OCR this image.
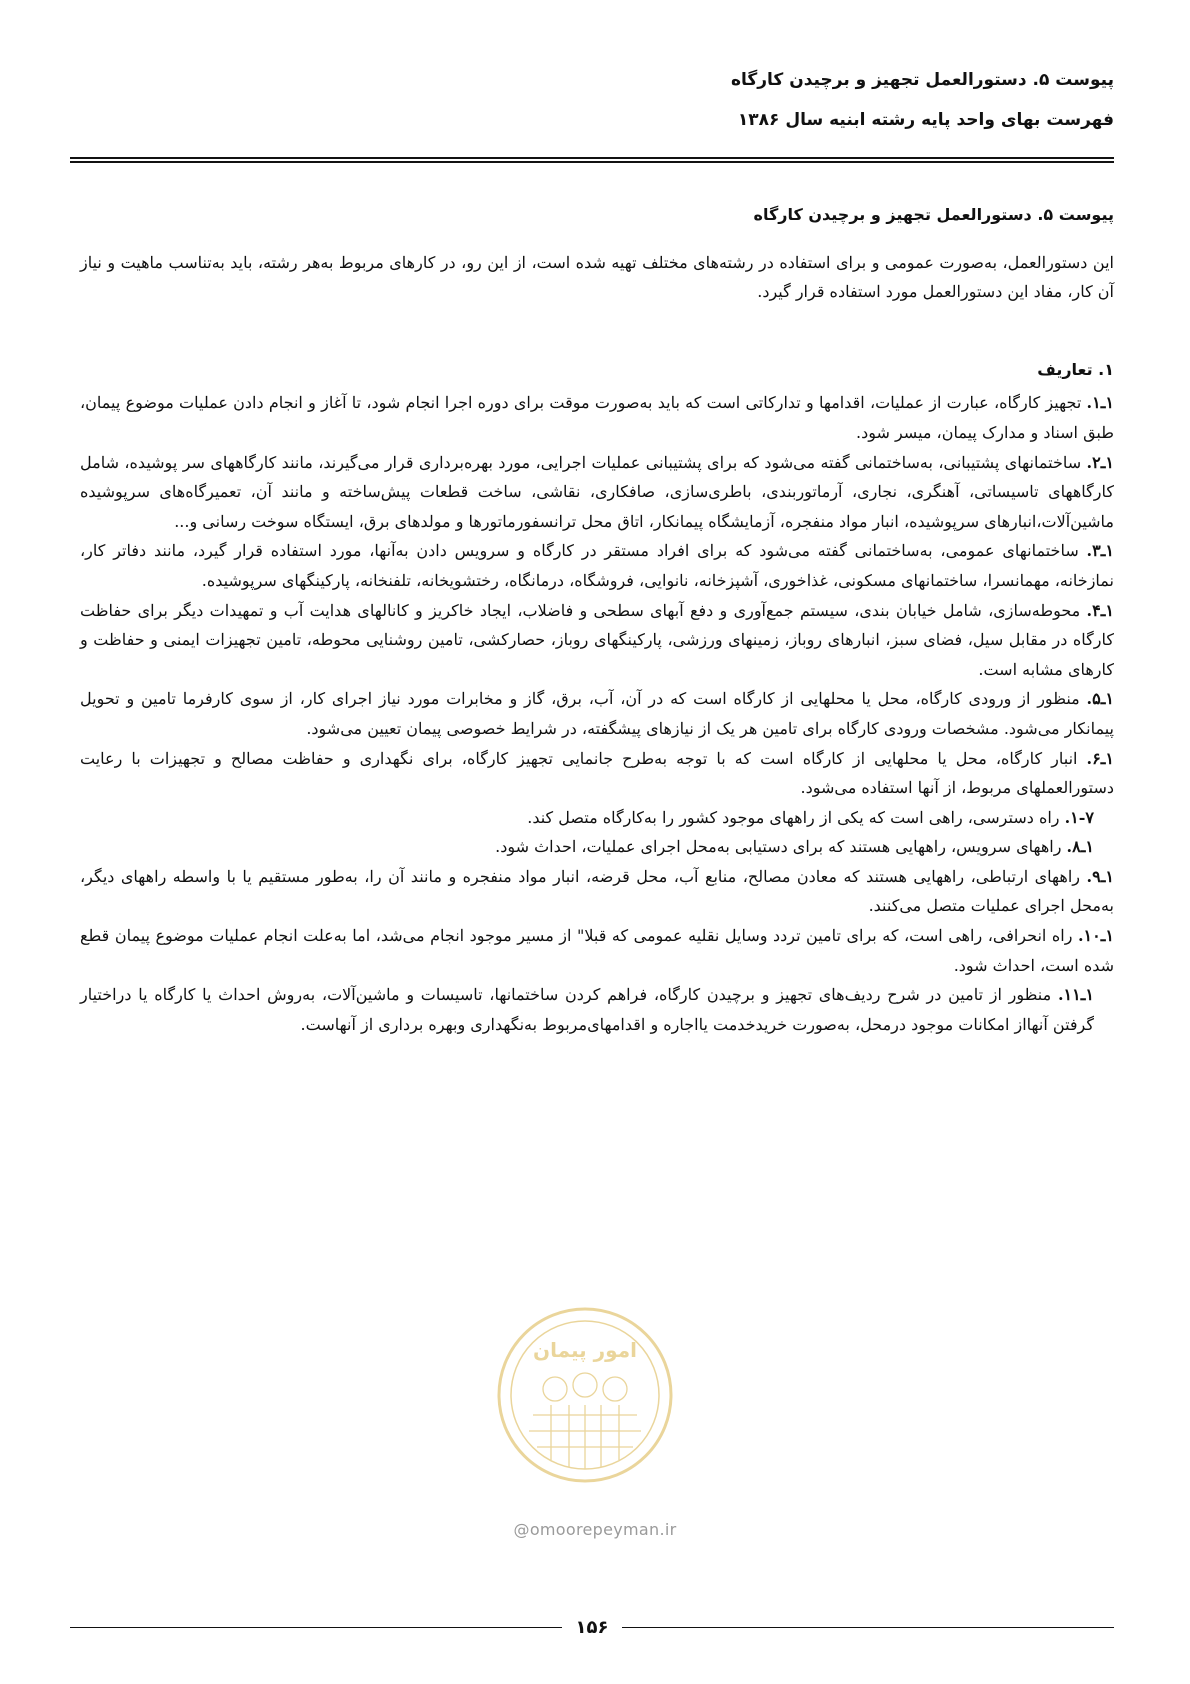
پیوست ۵. دستورالعمل تجهیز و برچیدن کارگاه

فهرست بهای واحد پایه رشته ابنیه سال ۱۳۸۶

پیوست ۵. دستورالعمل تجهیز و برچیدن کارگاه

این دستورالعمل، به‌صورت عمومی و برای استفاده در رشته‌های مختلف تهیه شده است، از این رو، در کارهای مربوط به‌هر رشته، باید به‌تناسب ماهیت و نیاز آن کار، مفاد این دستورالعمل مورد استفاده قرار گیرد.

۱. تعاریف

۱ـ۱. تجهیز کارگاه، عبارت از عملیات، اقدامها و تدارکاتی است که باید به‌صورت موقت برای دوره اجرا انجام شود، تا آغاز و انجام دادن عملیات موضوع پیمان، طبق اسناد و مدارک پیمان، میسر شود.

۱ـ۲. ساختمانهای پشتیبانی، به‌ساختمانی گفته می‌شود که برای پشتیبانی عملیات اجرایی، مورد بهره‌برداری قرار می‌گیرند، مانند کارگاههای سر پوشیده، شامل کارگاههای تاسیساتی، آهنگری، نجاری، آرماتوربندی، باطری‌سازی، صافکاری، نقاشی، ساخت قطعات پیش‌ساخته و مانند آن، تعمیرگاه‌های سرپوشیده ماشین‌آلات،انبارهای سرپوشیده، انبار مواد منفجره، آزمایشگاه پیمانکار، اتاق محل ترانسفورماتورها و مولدهای برق، ایستگاه سوخت رسانی و...

۱ـ۳. ساختمانهای عمومی، به‌ساختمانی گفته می‌شود که برای افراد مستقر در کارگاه و سرویس دادن به‌آنها، مورد استفاده قرار گیرد، مانند دفاتر کار، نمازخانه، مهمانسرا، ساختمانهای مسکونی، غذاخوری، آشپزخانه، نانوایی، فروشگاه، درمانگاه، رختشویخانه، تلفنخانه، پارکینگهای سرپوشیده.

۱ـ۴. محوطه‌سازی، شامل خیابان بندی، سیستم جمع‌آوری و دفع آبهای سطحی و فاضلاب، ایجاد خاکریز و کانالهای هدایت آب و تمهیدات دیگر برای حفاظت کارگاه در مقابل سیل، فضای سبز، انبارهای روباز، زمینهای ورزشی، پارکینگهای روباز، حصارکشی، تامین روشنایی محوطه، تامین تجهیزات ایمنی و حفاظت و کارهای مشابه است.

۱ـ۵. منظور از ورودی کارگاه، محل یا محلهایی از کارگاه است که در آن، آب، برق، گاز و مخابرات مورد نیاز اجرای کار، از سوی کارفرما تامین و تحویل پیمانکار می‌شود. مشخصات ورودی کارگاه برای تامین هر یک از نیازهای پیشگفته، در شرایط خصوصی پیمان تعیین می‌شود.

۱ـ۶. انبار کارگاه، محل یا محلهایی از کارگاه است که با توجه به‌طرح جانمایی تجهیز کارگاه، برای نگهداری و حفاظت مصالح و تجهیزات با رعایت دستورالعملهای مربوط، از آنها استفاده می‌شود.

۱-۷. راه دسترسی، راهی است که یکی از راههای موجود کشور را به‌کارگاه متصل کند.

۱ـ۸. راههای سرویس، راههایی هستند که برای دستیابی به‌محل اجرای عملیات، احداث شود.

۱ـ۹. راههای ارتباطی، راههایی هستند که معادن مصالح، منابع آب، محل قرضه، انبار مواد منفجره و مانند آن را، به‌طور مستقیم یا با واسطه راههای دیگر، به‌محل اجرای عملیات متصل می‌کنند.

۱ـ۱۰. راه انحرافی، راهی است، که برای تامین تردد وسایل نقلیه عمومی که قبلا" از مسیر موجود انجام می‌شد، اما به‌علت انجام عملیات موضوع پیمان قطع شده است، احداث شود.

۱ـ۱۱. منظور از تامین در شرح ردیف‌های تجهیز و برچیدن کارگاه، فراهم کردن ساختمانها، تاسیسات و ماشین‌آلات، به‌روش احداث یا کارگاه یا دراختیار گرفتن آنهااز امکانات موجود درمحل، به‌صورت خریدخدمت یااجاره و اقدامهای‌مربوط به‌نگهداری وبهره برداری از آنهاست.

امور پیمان
@omoorepeyman.ir
۱۵۶
